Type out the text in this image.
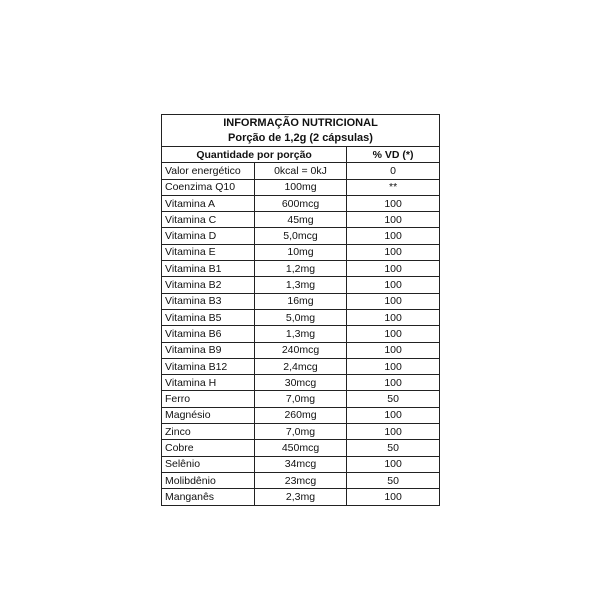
INFORMAÇÃO NUTRICIONAL
Porção de 1,2g (2 cápsulas)
Quantidade por porção		% VD (*)
Valor energético	0kcal = 0kJ	0
Coenzima Q10	100mg	**
Vitamina A	600mcg	100
Vitamina C	45mg	100
Vitamina D	5,0mcg	100
Vitamina E	10mg	100
Vitamina B1	1,2mg	100
Vitamina B2	1,3mg	100
Vitamina B3	16mg	100
Vitamina B5	5,0mg	100
Vitamina B6	1,3mg	100
Vitamina B9	240mcg	100
Vitamina B12	2,4mcg	100
Vitamina H	30mcg	100
Ferro	7,0mg	50
Magnésio	260mg	100
Zinco	7,0mg	100
Cobre	450mcg	50
Selênio	34mcg	100
Molibdênio	23mcg	50
Manganês	2,3mg	100
